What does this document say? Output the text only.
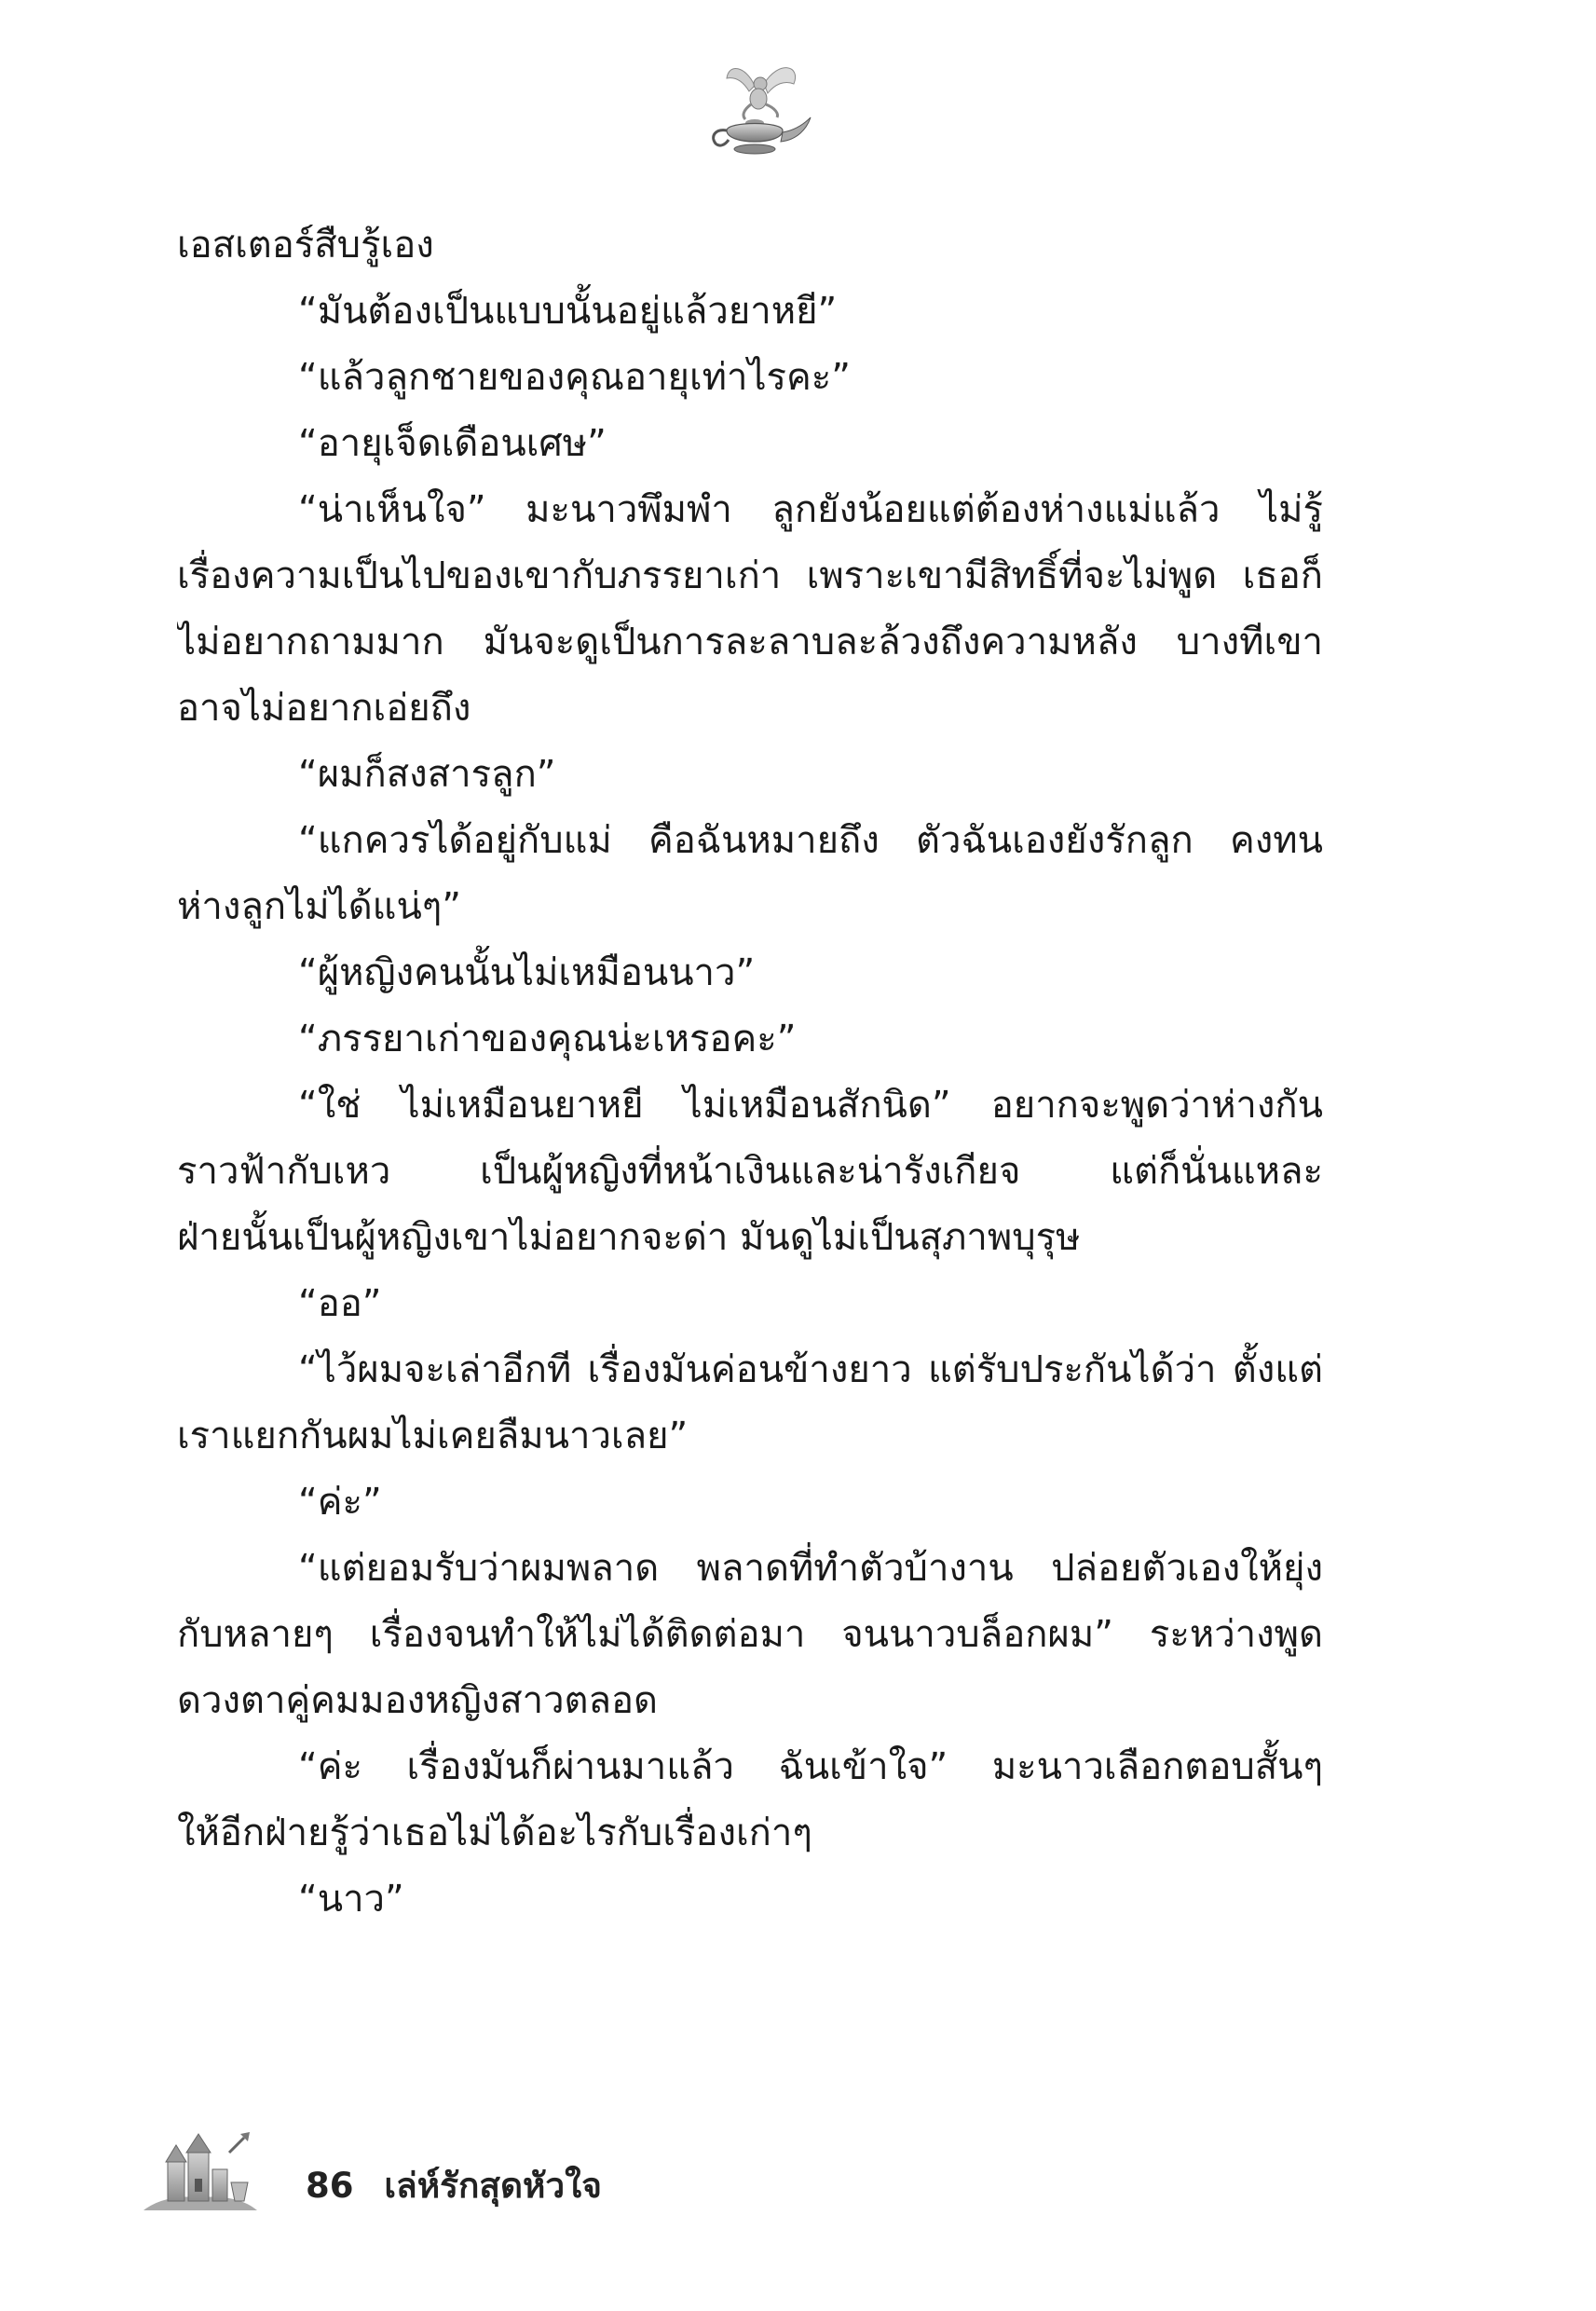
เอสเตอร์สืบรู้เอง
“มันต้องเป็นแบบนั้นอยู่แล้วยาหยี”
“แล้วลูกชายของคุณอายุเท่าไรคะ”
“อายุเจ็ดเดือนเศษ”
“น่าเห็นใจ” มะนาวพึมพำ ลูกยังน้อยแต่ต้องห่างแม่แล้ว ไม่รู้
เรื่องความเป็นไปของเขากับภรรยาเก่า เพราะเขามีสิทธิ์ที่จะไม่พูด เธอก็
ไม่อยากถามมาก มันจะดูเป็นการละลาบละล้วงถึงความหลัง บางทีเขา
อาจไม่อยากเอ่ยถึง
“ผมก็สงสารลูก”
“แกควรได้อยู่กับแม่ คือฉันหมายถึง ตัวฉันเองยังรักลูก คงทน
ห่างลูกไม่ได้แน่ๆ”
“ผู้หญิงคนนั้นไม่เหมือนนาว”
“ภรรยาเก่าของคุณน่ะเหรอคะ”
“ใช่ ไม่เหมือนยาหยี ไม่เหมือนสักนิด” อยากจะพูดว่าห่างกัน
ราวฟ้ากับเหว เป็นผู้หญิงที่หน้าเงินและน่ารังเกียจ แต่ก็นั่นแหละ
ฝ่ายนั้นเป็นผู้หญิงเขาไม่อยากจะด่า มันดูไม่เป็นสุภาพบุรุษ
“ออ”
“ไว้ผมจะเล่าอีกที เรื่องมันค่อนข้างยาว แต่รับประกันได้ว่า ตั้งแต่
เราแยกกันผมไม่เคยลืมนาวเลย”
“ค่ะ”
“แต่ยอมรับว่าผมพลาด พลาดที่ทำตัวบ้างาน ปล่อยตัวเองให้ยุ่ง
กับหลายๆ เรื่องจนทำให้ไม่ได้ติดต่อมา จนนาวบล็อกผม” ระหว่างพูด
ดวงตาคู่คมมองหญิงสาวตลอด
“ค่ะ เรื่องมันก็ผ่านมาแล้ว ฉันเข้าใจ” มะนาวเลือกตอบสั้นๆ
ให้อีกฝ่ายรู้ว่าเธอไม่ได้อะไรกับเรื่องเก่าๆ
“นาว”
86 เล่ห์รักสุดหัวใจ
